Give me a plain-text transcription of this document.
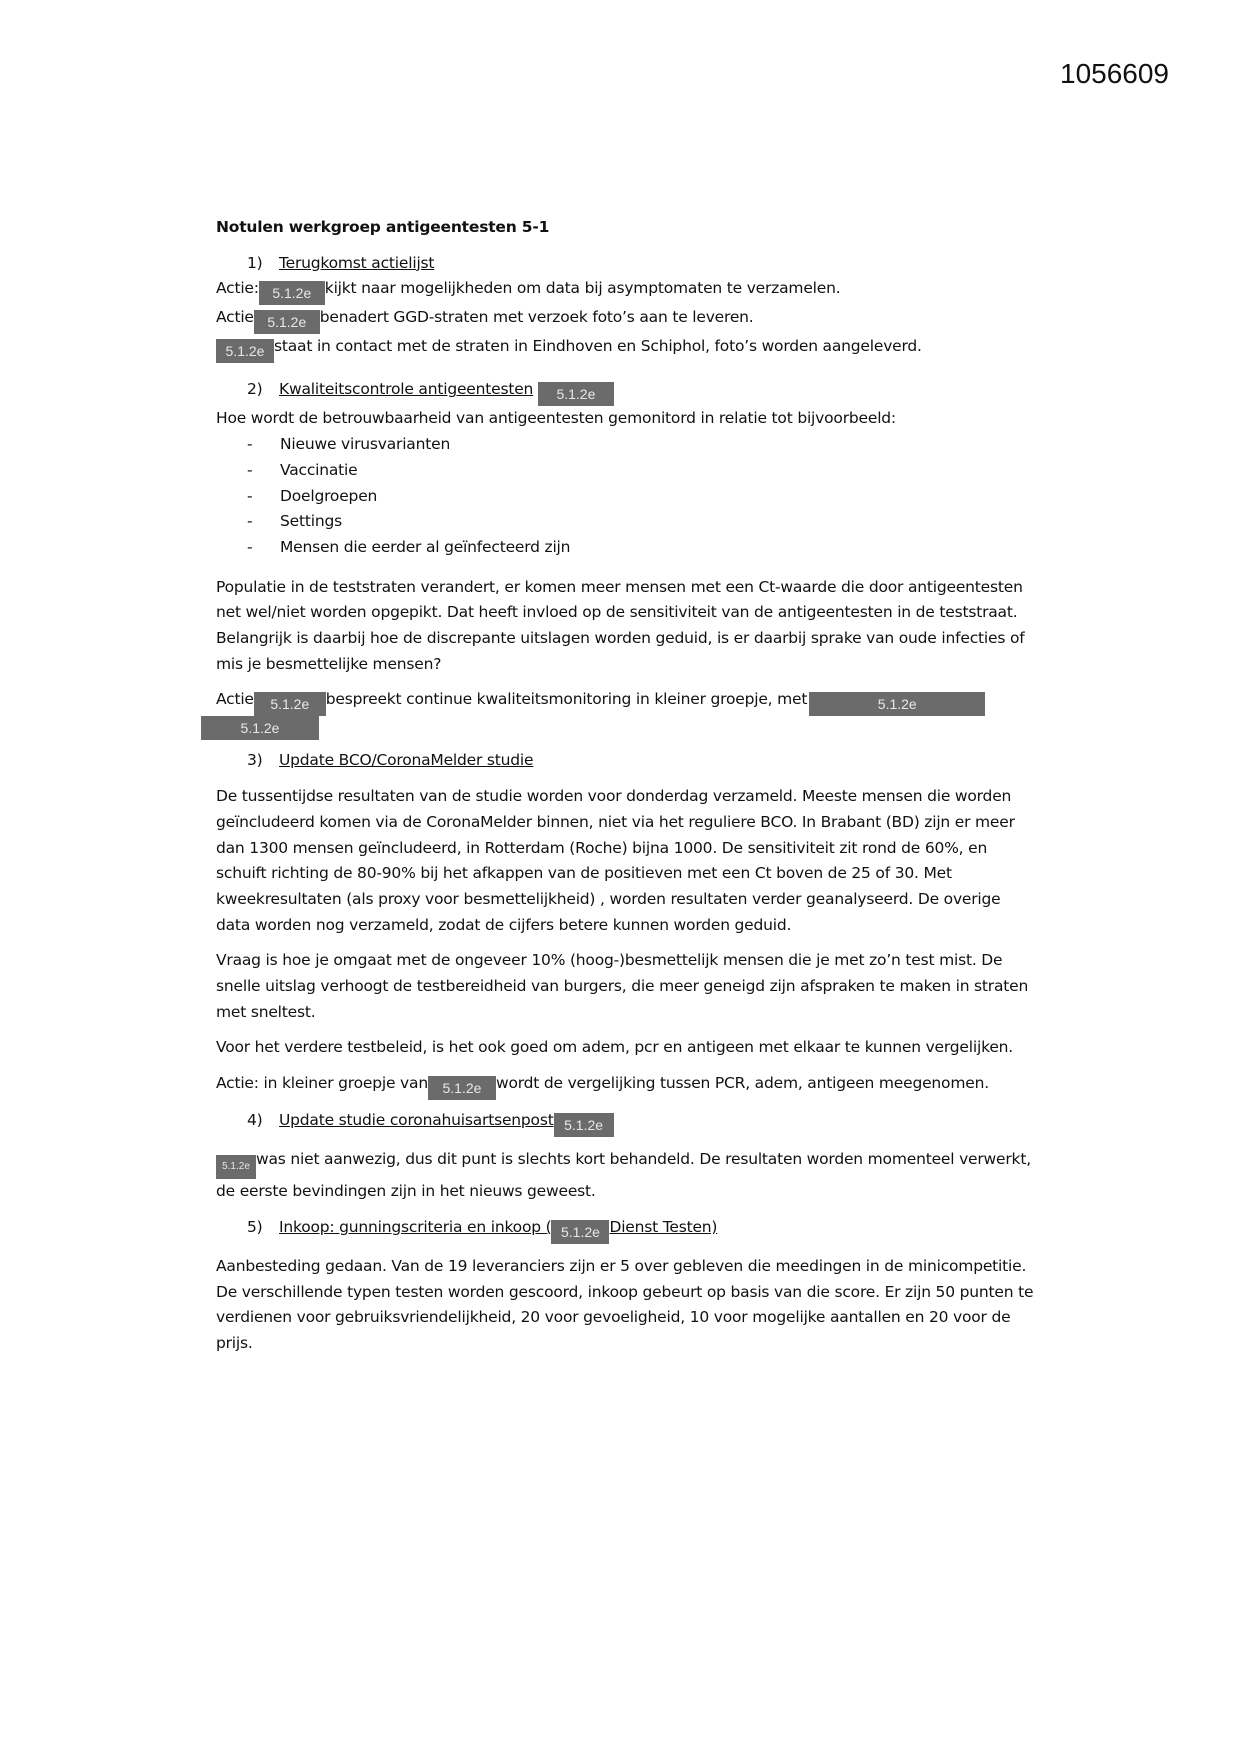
1056609

Notulen werkgroep antigeentesten 5-1

1) Terugkomst actielijst

Actie: 5.1.2e kijkt naar mogelijkheden om data bij asymptomaten te verzamelen.

Actie 5.1.2e benadert GGD-straten met verzoek foto’s aan te leveren.

5.1.2e staat in contact met de straten in Eindhoven en Schiphol, foto’s worden aangeleverd.

2) Kwaliteitscontrole antigeentesten 5.1.2e

Hoe wordt de betrouwbaarheid van antigeentesten gemonitord in relatie tot bijvoorbeeld:

- Nieuwe virusvarianten
- Vaccinatie
- Doelgroepen
- Settings
- Mensen die eerder al geïnfecteerd zijn

Populatie in de teststraten verandert, er komen meer mensen met een Ct-waarde die door antigeentesten net wel/niet worden opgepikt. Dat heeft invloed op de sensitiviteit van de antigeentesten in de teststraat. Belangrijk is daarbij hoe de discrepante uitslagen worden geduid, is er daarbij sprake van oude infecties of mis je besmettelijke mensen?

Actie 5.1.2e bespreekt continue kwaliteitsmonitoring in kleiner groepje, met	5.1.2e

5.1.2e

3) Update BCO/CoronaMelder studie

De tussentijdse resultaten van de studie worden voor donderdag verzameld. Meeste mensen die worden geïncludeerd komen via de CoronaMelder binnen, niet via het reguliere BCO. In Brabant (BD) zijn er meer dan 1300 mensen geïncludeerd, in Rotterdam (Roche) bijna 1000. De sensitiviteit zit rond de 60%, en schuift richting de 80-90% bij het afkappen van de positieven met een Ct boven de 25 of 30. Met kweekresultaten (als proxy voor besmettelijkheid) , worden resultaten verder geanalyseerd. De overige data worden nog verzameld, zodat de cijfers betere kunnen worden geduid.

Vraag is hoe je omgaat met de ongeveer 10% (hoog-)besmettelijk mensen die je met zo’n test mist. De snelle uitslag verhoogt de testbereidheid van burgers, die meer geneigd zijn afspraken te maken in straten met sneltest.

Voor het verdere testbeleid, is het ook goed om adem, pcr en antigeen met elkaar te kunnen vergelijken.

Actie: in kleiner groepje van 5.1.2e wordt de vergelijking tussen PCR, adem, antigeen meegenomen.

4) Update studie coronahuisartsenpost 5.1.2e

5.1.2e was niet aanwezig, dus dit punt is slechts kort behandeld. De resultaten worden momenteel verwerkt, de eerste bevindingen zijn in het nieuws geweest.

5) Inkoop: gunningscriteria en inkoop ( 5.1.2e Dienst Testen)

Aanbesteding gedaan. Van de 19 leveranciers zijn er 5 over gebleven die meedingen in de minicompetitie. De verschillende typen testen worden gescoord, inkoop gebeurt op basis van die score. Er zijn 50 punten te verdienen voor gebruiksvriendelijkheid, 20 voor gevoeligheid, 10 voor mogelijke aantallen en 20 voor de prijs.
